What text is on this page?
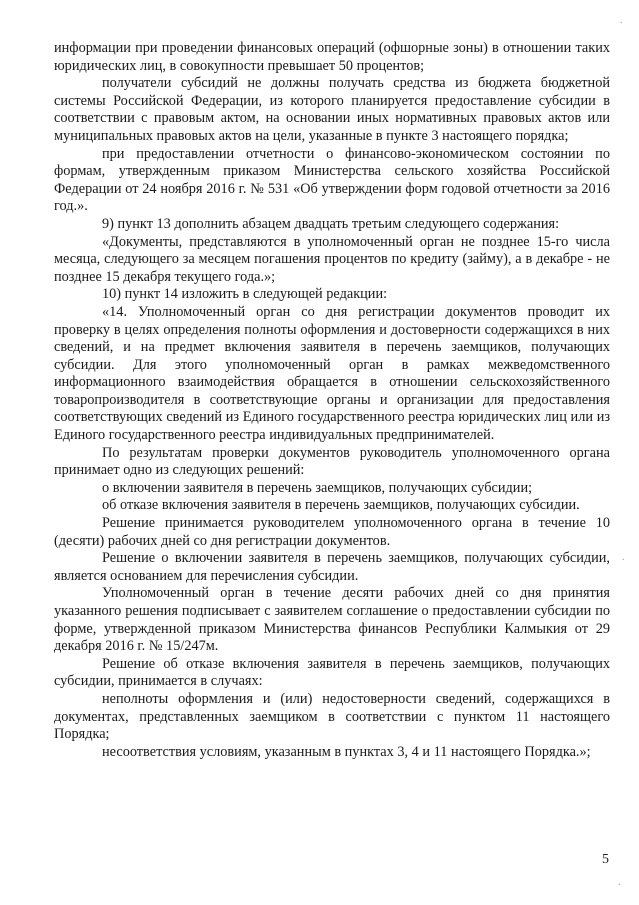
информации при проведении финансовых операций (офшорные зоны) в отношении таких юридических лиц, в совокупности превышает 50 процентов;

получатели субсидий не должны получать средства из бюджета бюджетной системы Российской Федерации, из которого планируется предоставление субсидии в соответствии с правовым актом, на основании иных нормативных правовых актов или муниципальных правовых актов на цели, указанные в пункте 3 настоящего порядка;

при предоставлении отчетности о финансово-экономическом состоянии по формам, утвержденным приказом Министерства сельского хозяйства Российской Федерации от 24 ноября 2016 г. № 531 «Об утверждении форм годовой отчетности за 2016 год.».

9) пункт 13 дополнить абзацем двадцать третьим следующего содержания:

«Документы, представляются в уполномоченный орган не позднее 15-го числа месяца, следующего за месяцем погашения процентов по кредиту (займу), а в декабре - не позднее 15 декабря текущего года.»;

10) пункт 14 изложить в следующей редакции:

«14. Уполномоченный орган со дня регистрации документов проводит их проверку в целях определения полноты оформления и достоверности содержащихся в них сведений, и на предмет включения заявителя в перечень заемщиков, получающих субсидии. Для этого уполномоченный орган в рамках межведомственного информационного взаимодействия обращается в отношении сельскохозяйственного товаропроизводителя в соответствующие органы и организации для предоставления соответствующих сведений из Единого государственного реестра юридических лиц или из Единого государственного реестра индивидуальных предпринимателей.

По результатам проверки документов руководитель уполномоченного органа принимает одно из следующих решений:

о включении заявителя в перечень заемщиков, получающих субсидии;

об отказе включения заявителя в перечень заемщиков, получающих субсидии.

Решение принимается руководителем уполномоченного органа в течение 10 (десяти) рабочих дней со дня регистрации документов.

Решение о включении заявителя в перечень заемщиков, получающих субсидии, является основанием для перечисления субсидии.

Уполномоченный орган в течение десяти рабочих дней со дня принятия указанного решения подписывает с заявителем соглашение о предоставлении субсидии по форме, утвержденной приказом Министерства финансов Республики Калмыкия от 29 декабря 2016 г. № 15/247м.

Решение об отказе включения заявителя в перечень заемщиков, получающих субсидии, принимается в случаях:

неполноты оформления и (или) недостоверности сведений, содержащихся в документах, представленных заемщиком в соответствии с пунктом 11 настоящего Порядка;

несоответствия условиям, указанным в пунктах 3, 4 и 11 настоящего Порядка.»;

5
·
·
·
